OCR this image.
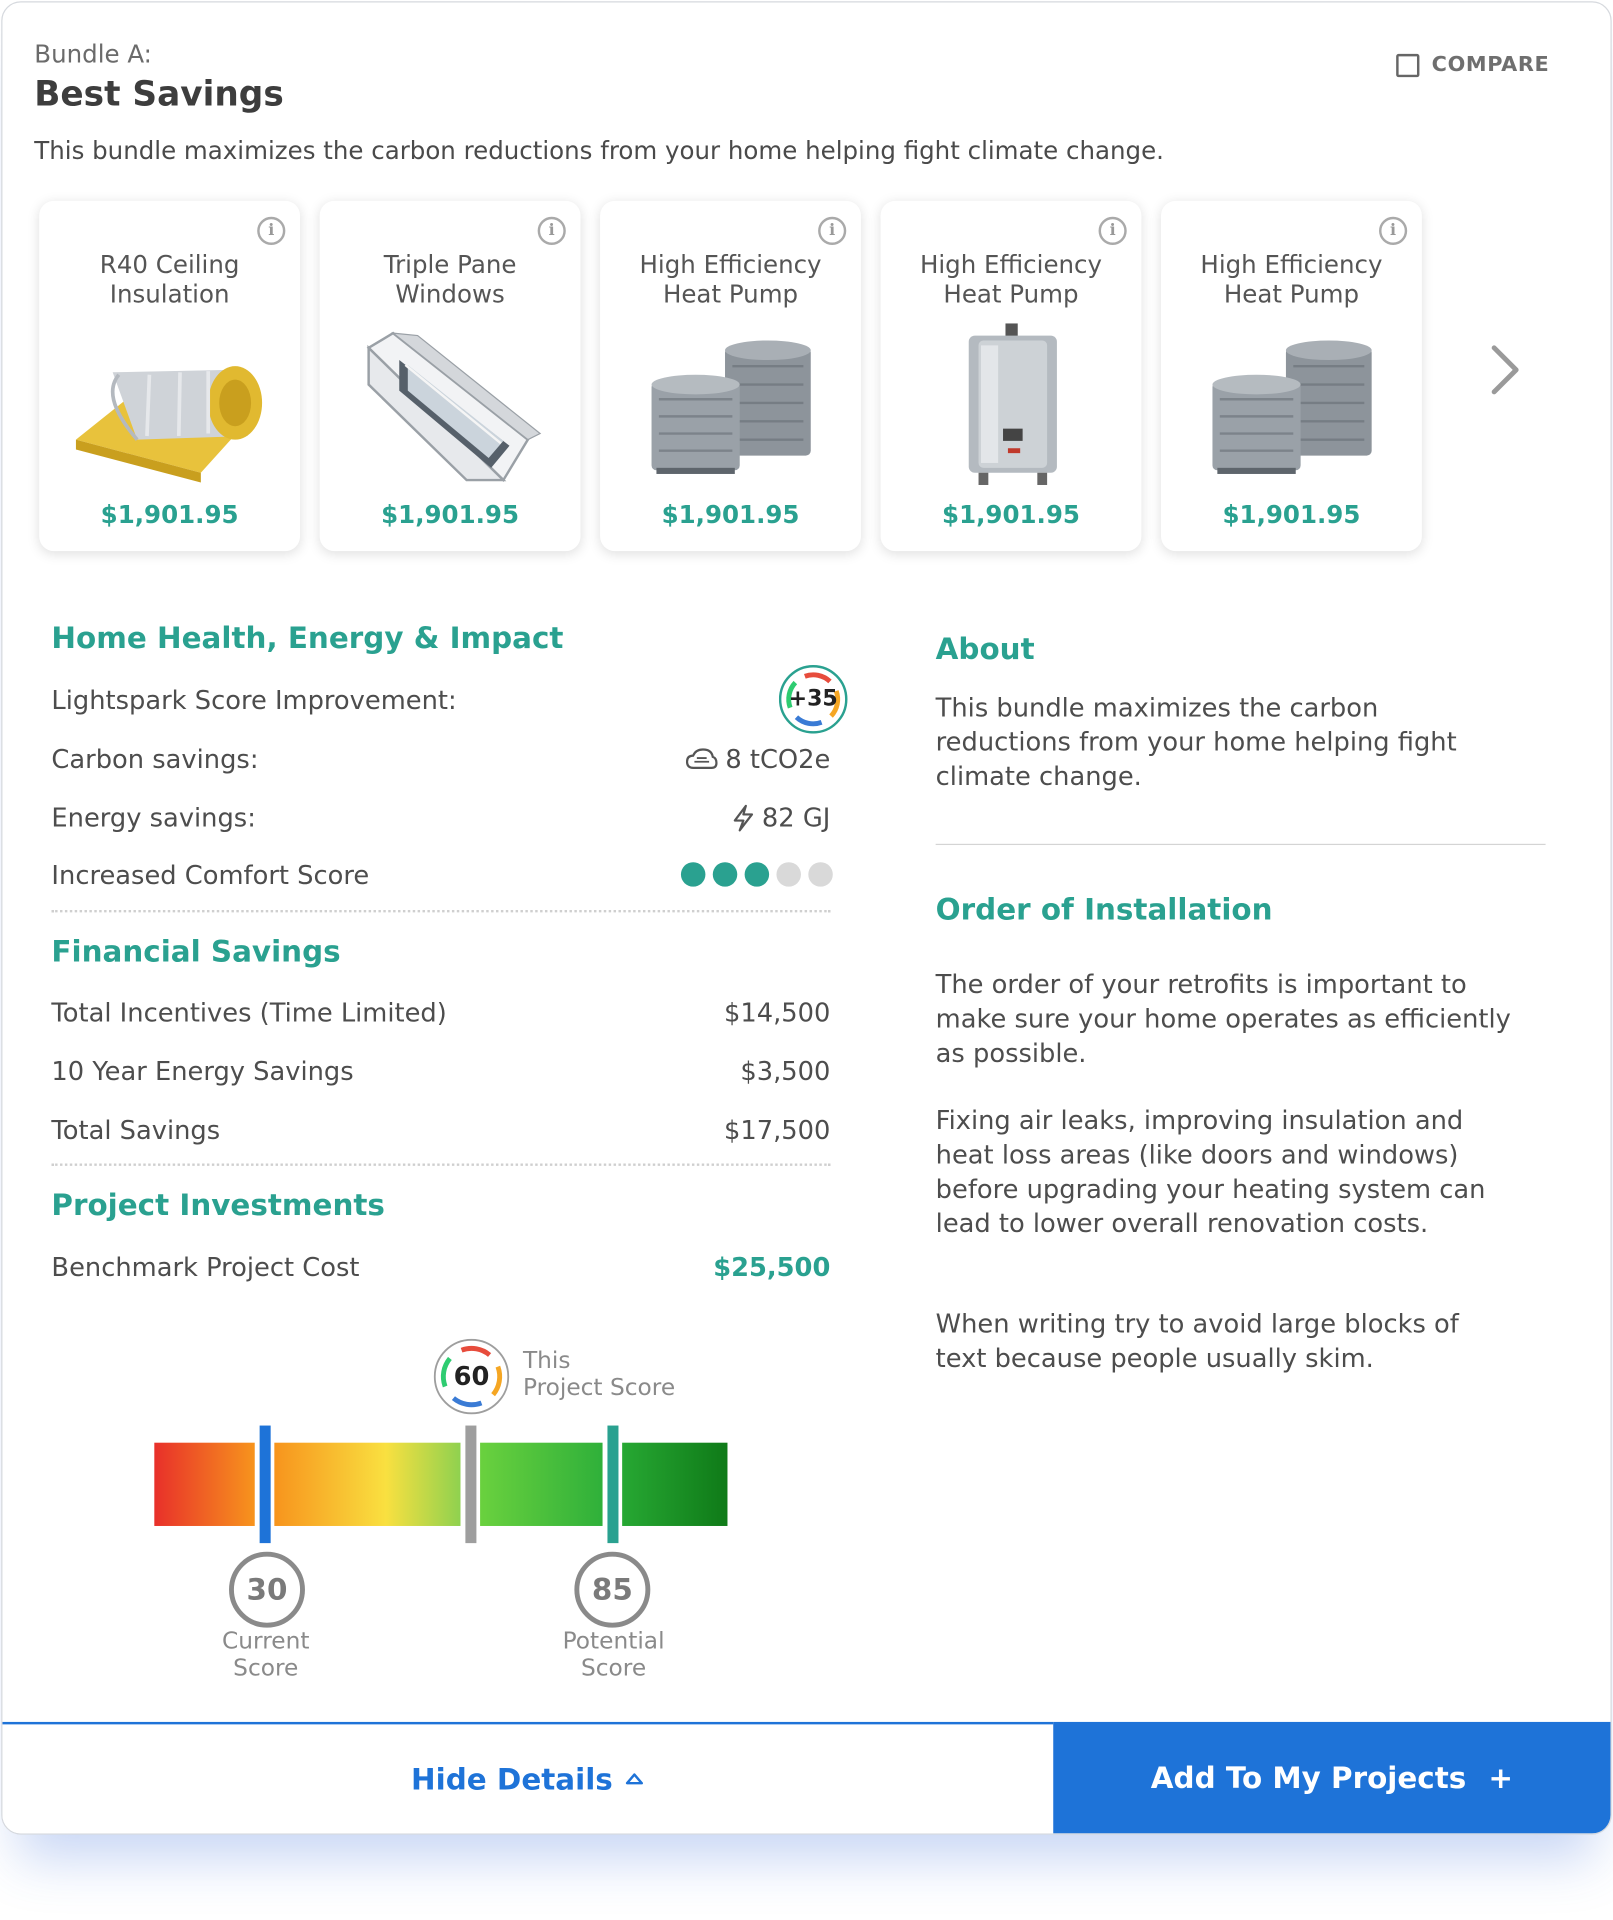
Bundle A:
Best Savings
This bundle maximizes the carbon reductions from your home helping fight climate change.
COMPARE
i
R40 Ceiling
Insulation
$1,901.95
i
Triple Pane
Windows
$1,901.95
i
High Efficiency
Heat Pump
$1,901.95
i
High Efficiency
Heat Pump
$1,901.95
i
High Efficiency
Heat Pump
$1,901.95
Home Health, Energy & Impact
Lightspark Score Improvement:	+35
Carbon savings:	8 tCO2e
Energy savings:	82 GJ
Increased Comfort Score
Financial Savings
Total Incentives (Time Limited)	$14,500
10 Year Energy Savings	$3,500
Total Savings	$17,500
Project Investments
Benchmark Project Cost	$25,500
60
This
Project Score
30
Current
Score
85
Potential
Score
About
This bundle maximizes the carbon reductions from your home helping fight climate change.
Order of Installation
The order of your retrofits is important to make sure your home operates as efficiently as possible.
Fixing air leaks, improving insulation and heat loss areas (like doors and windows) before upgrading your heating system can lead to lower overall renovation costs.
When writing try to avoid large blocks of text because people usually skim.
Hide Details	Add To My Projects +
